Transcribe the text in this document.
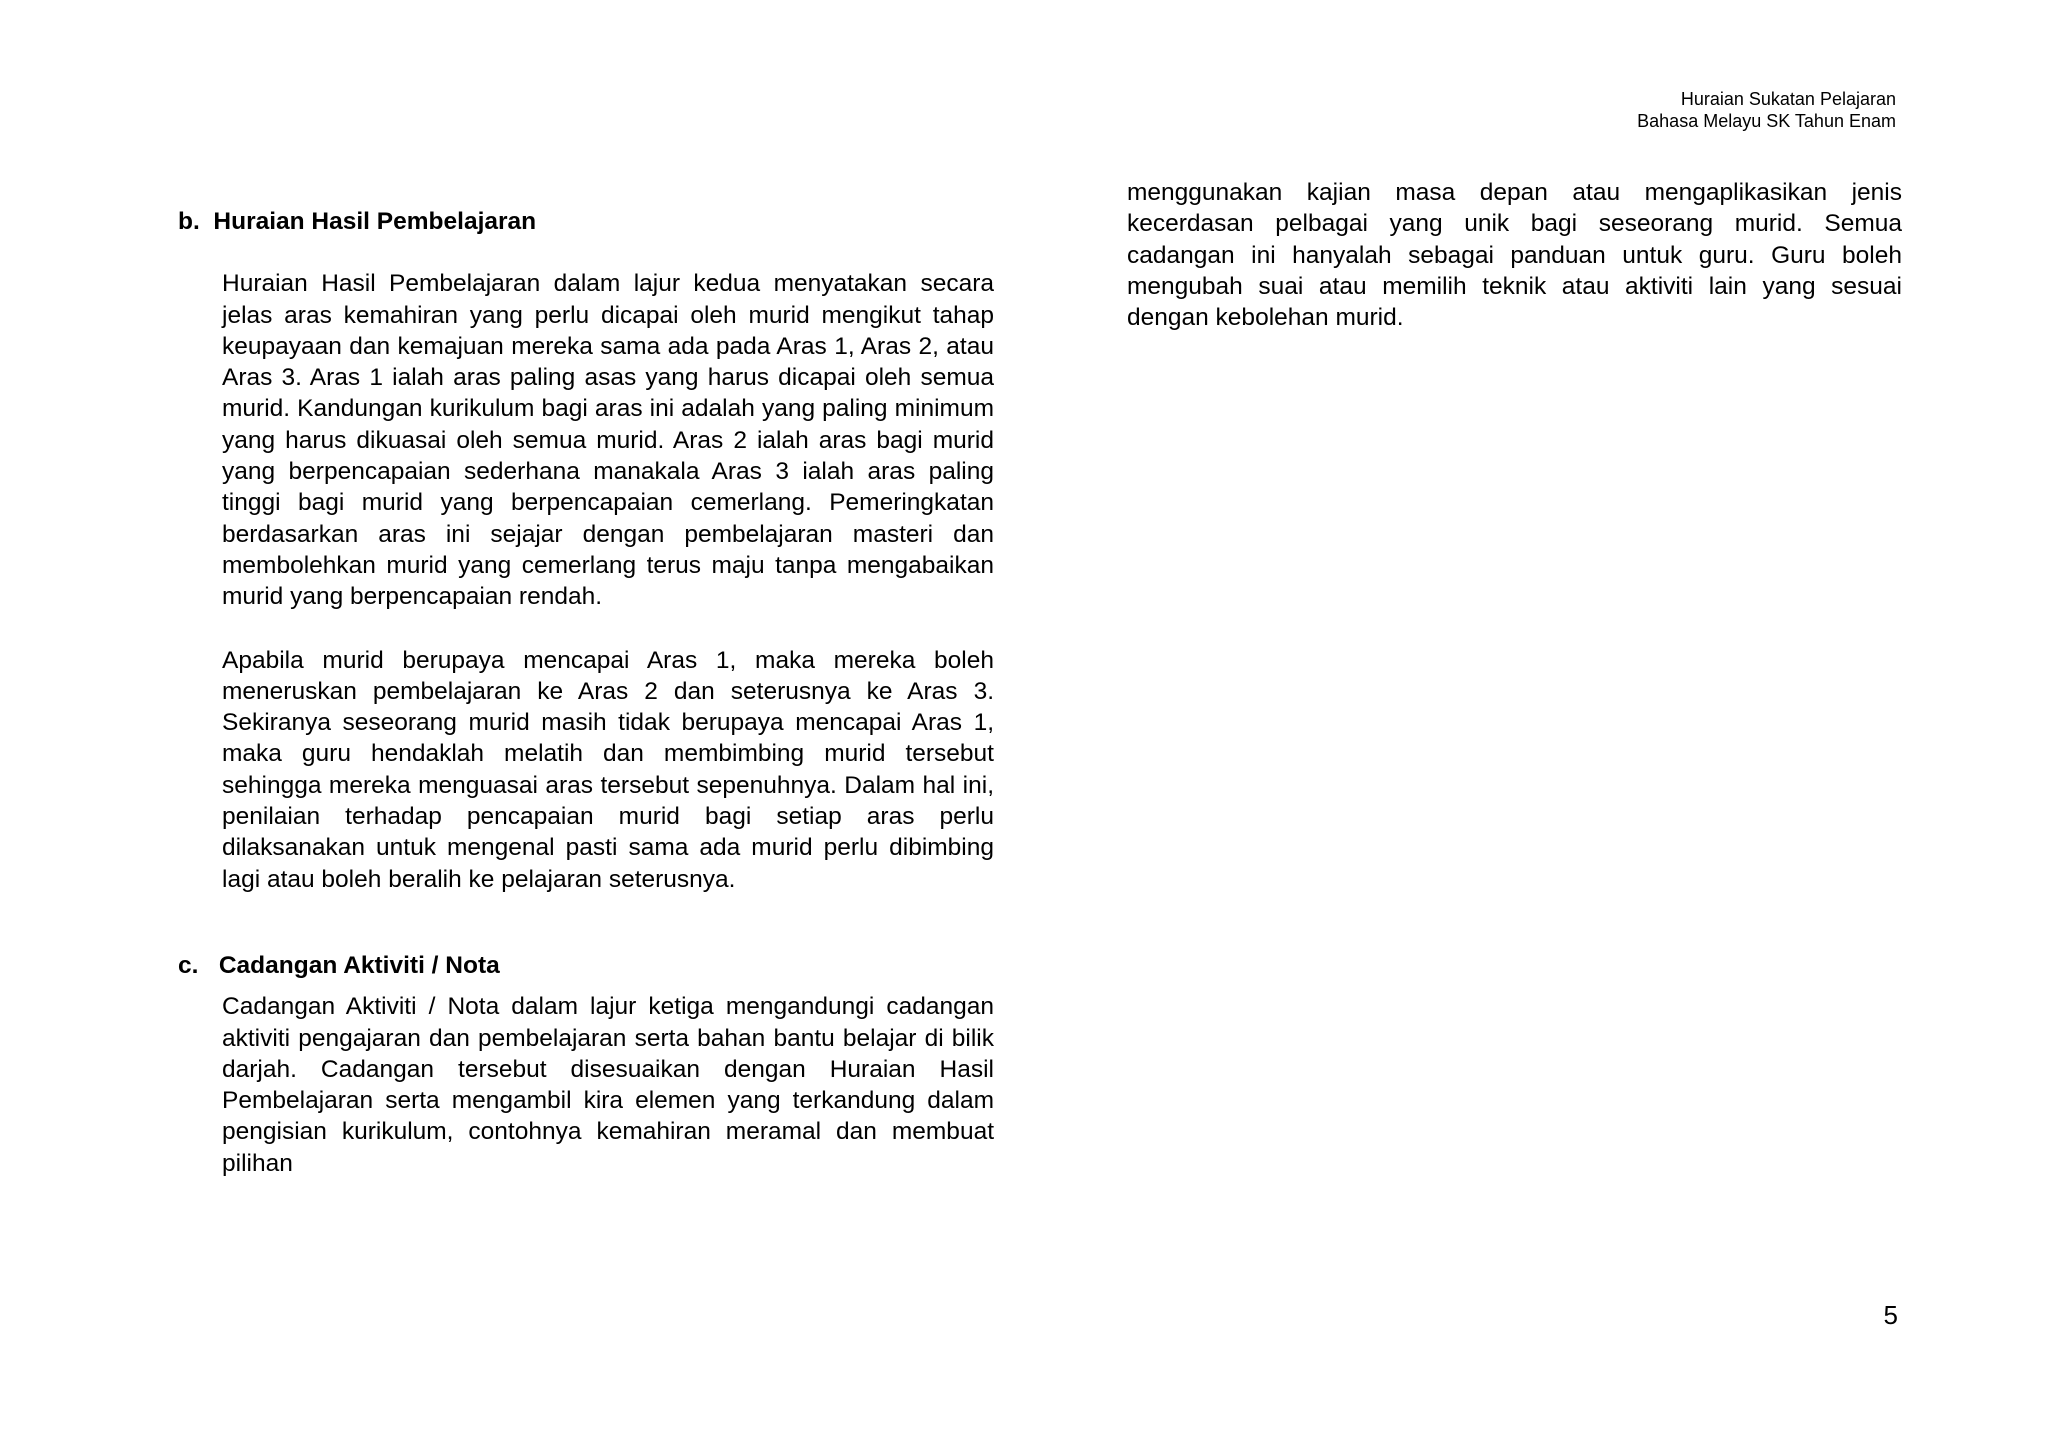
Huraian Sukatan Pelajaran
Bahasa Melayu SK Tahun Enam
b. Huraian Hasil Pembelajaran

Huraian Hasil Pembelajaran dalam lajur kedua menyatakan secara jelas aras kemahiran yang perlu dicapai oleh murid mengikut tahap keupayaan dan kemajuan mereka sama ada pada Aras 1, Aras 2, atau Aras 3. Aras 1 ialah aras paling asas yang harus dicapai oleh semua murid. Kandungan kurikulum bagi aras ini adalah yang paling minimum yang harus dikuasai oleh semua murid. Aras 2 ialah aras bagi murid yang berpencapaian sederhana manakala Aras 3 ialah aras paling tinggi bagi murid yang berpencapaian cemerlang. Pemeringkatan berdasarkan aras ini sejajar dengan pembelajaran masteri dan membolehkan murid yang cemerlang terus maju tanpa mengabaikan murid yang berpencapaian rendah.

Apabila murid berupaya mencapai Aras 1, maka mereka boleh meneruskan pembelajaran ke Aras 2 dan seterusnya ke Aras 3. Sekiranya seseorang murid masih tidak berupaya mencapai Aras 1, maka guru hendaklah melatih dan membimbing murid tersebut sehingga mereka menguasai aras tersebut sepenuhnya. Dalam hal ini, penilaian terhadap pencapaian murid bagi setiap aras perlu dilaksanakan untuk mengenal pasti sama ada murid perlu dibimbing lagi atau boleh beralih ke pelajaran seterusnya.

c. Cadangan Aktiviti / Nota

Cadangan Aktiviti / Nota dalam lajur ketiga mengandungi cadangan aktiviti pengajaran dan pembelajaran serta bahan bantu belajar di bilik darjah. Cadangan tersebut disesuaikan dengan Huraian Hasil Pembelajaran serta mengambil kira elemen yang terkandung dalam pengisian kurikulum, contohnya kemahiran meramal dan membuat pilihan

menggunakan kajian masa depan atau mengaplikasikan jenis kecerdasan pelbagai yang unik bagi seseorang murid. Semua cadangan ini hanyalah sebagai panduan untuk guru. Guru boleh mengubah suai atau memilih teknik atau aktiviti lain yang sesuai dengan kebolehan murid.

5
